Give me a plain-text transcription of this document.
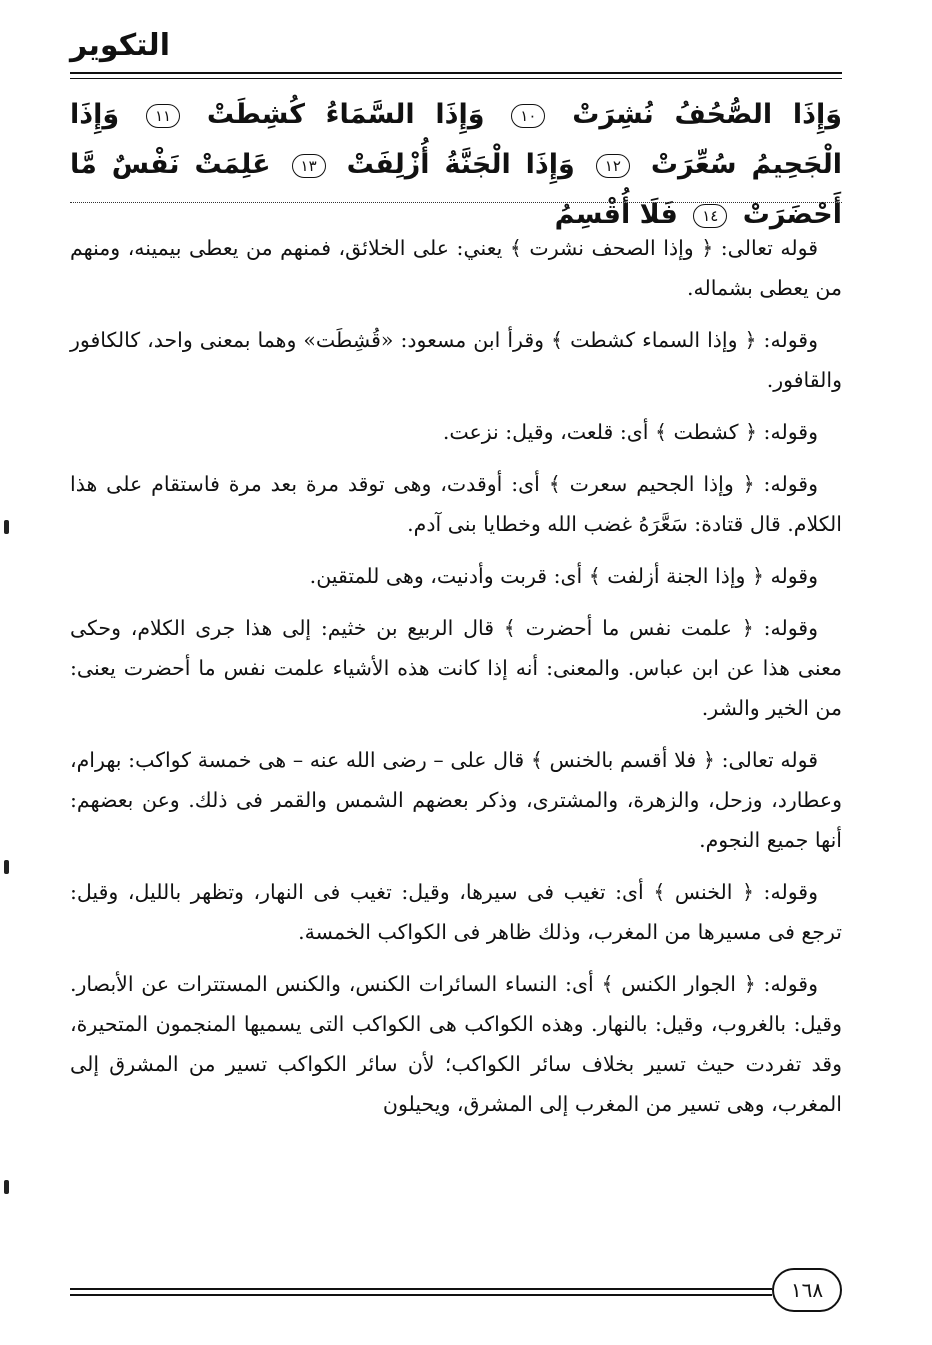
التكوير
وَإِذَا الصُّحُفُ نُشِرَتْ ١٠ وَإِذَا السَّمَاءُ كُشِطَتْ ١١ وَإِذَا الْجَحِيمُ سُعِّرَتْ ١٢ وَإِذَا الْجَنَّةُ أُزْلِفَتْ ١٣ عَلِمَتْ نَفْسٌ مَّا أَحْضَرَتْ ١٤ فَلَا أُقْسِمُ

قوله تعالى: ﴿ وإذا الصحف نشرت ﴾ يعني: على الخلائق، فمنهم من يعطى بيمينه، ومنهم من يعطى بشماله.

وقوله: ﴿ وإذا السماء كشطت ﴾ وقرأ ابن مسعود: «قُشِطَت» وهما بمعنى واحد، كالكافور والقافور.

وقوله: ﴿ كشطت ﴾ أى: قلعت، وقيل: نزعت.

وقوله: ﴿ وإذا الجحيم سعرت ﴾ أى: أوقدت، وهى توقد مرة بعد مرة فاستقام على هذا الكلام. قال قتادة: سَعَّرَهُ غضب الله وخطايا بنى آدم.

وقوله ﴿ وإذا الجنة أزلفت ﴾ أى: قربت وأدنيت، وهى للمتقين.

وقوله: ﴿ علمت نفس ما أحضرت ﴾ قال الربيع بن خثيم: إلى هذا جرى الكلام، وحكى معنى هذا عن ابن عباس. والمعنى: أنه إذا كانت هذه الأشياء علمت نفس ما أحضرت يعنى: من الخير والشر.

قوله تعالى: ﴿ فلا أقسم بالخنس ﴾ قال على – رضى الله عنه – هى خمسة كواكب: بهرام، وعطارد، وزحل، والزهرة، والمشترى، وذكر بعضهم الشمس والقمر فى ذلك. وعن بعضهم: أنها جميع النجوم.

وقوله: ﴿ الخنس ﴾ أى: تغيب فى سيرها، وقيل: تغيب فى النهار، وتظهر بالليل، وقيل: ترجع فى مسيرها من المغرب، وذلك ظاهر فى الكواكب الخمسة.

وقوله: ﴿ الجوار الكنس ﴾ أى: النساء السائرات الكنس، والكنس المستترات عن الأبصار. وقيل: بالغروب، وقيل: بالنهار. وهذه الكواكب هى الكواكب التى يسميها المنجمون المتحيرة، وقد تفردت حيث تسير بخلاف سائر الكواكب؛ لأن سائر الكواكب تسير من المشرق إلى المغرب، وهى تسير من المغرب إلى المشرق، ويحيلون

١٦٨
